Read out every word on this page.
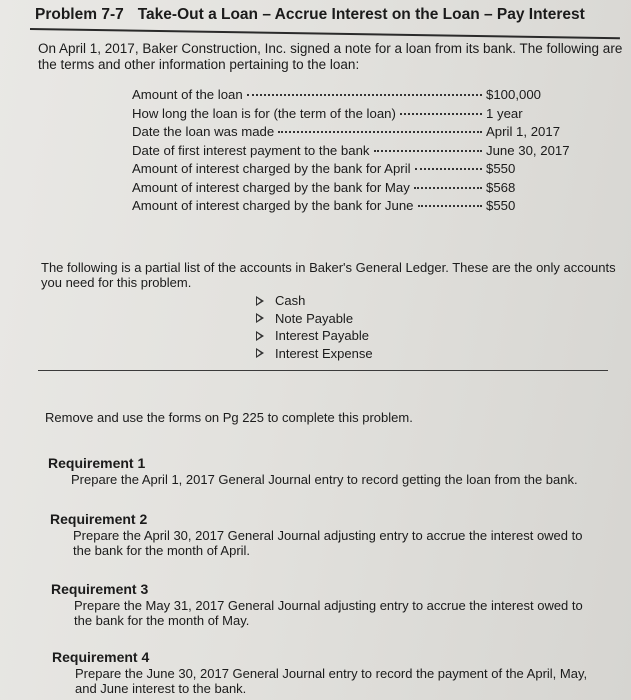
Problem 7-7 Take-Out a Loan – Accrue Interest on the Loan – Pay Interest
On April 1, 2017, Baker Construction, Inc. signed a note for a loan from its bank. The following are the terms and other information pertaining to the loan:
Amount of the loan	$100,000
How long the loan is for (the term of the loan)	1 year
Date the loan was made	April 1, 2017
Date of first interest payment to the bank	June 30, 2017
Amount of interest charged by the bank for April	$550
Amount of interest charged by the bank for May	$568
Amount of interest charged by the bank for June	$550
The following is a partial list of the accounts in Baker's General Ledger. These are the only accounts you need for this problem.
Cash
Note Payable
Interest Payable
Interest Expense
Remove and use the forms on Pg 225 to complete this problem.
Requirement 1
Prepare the April 1, 2017 General Journal entry to record getting the loan from the bank.
Requirement 2
Prepare the April 30, 2017 General Journal adjusting entry to accrue the interest owed to the bank for the month of April.
Requirement 3
Prepare the May 31, 2017 General Journal adjusting entry to accrue the interest owed to the bank for the month of May.
Requirement 4
Prepare the June 30, 2017 General Journal entry to record the payment of the April, May, and June interest to the bank.
